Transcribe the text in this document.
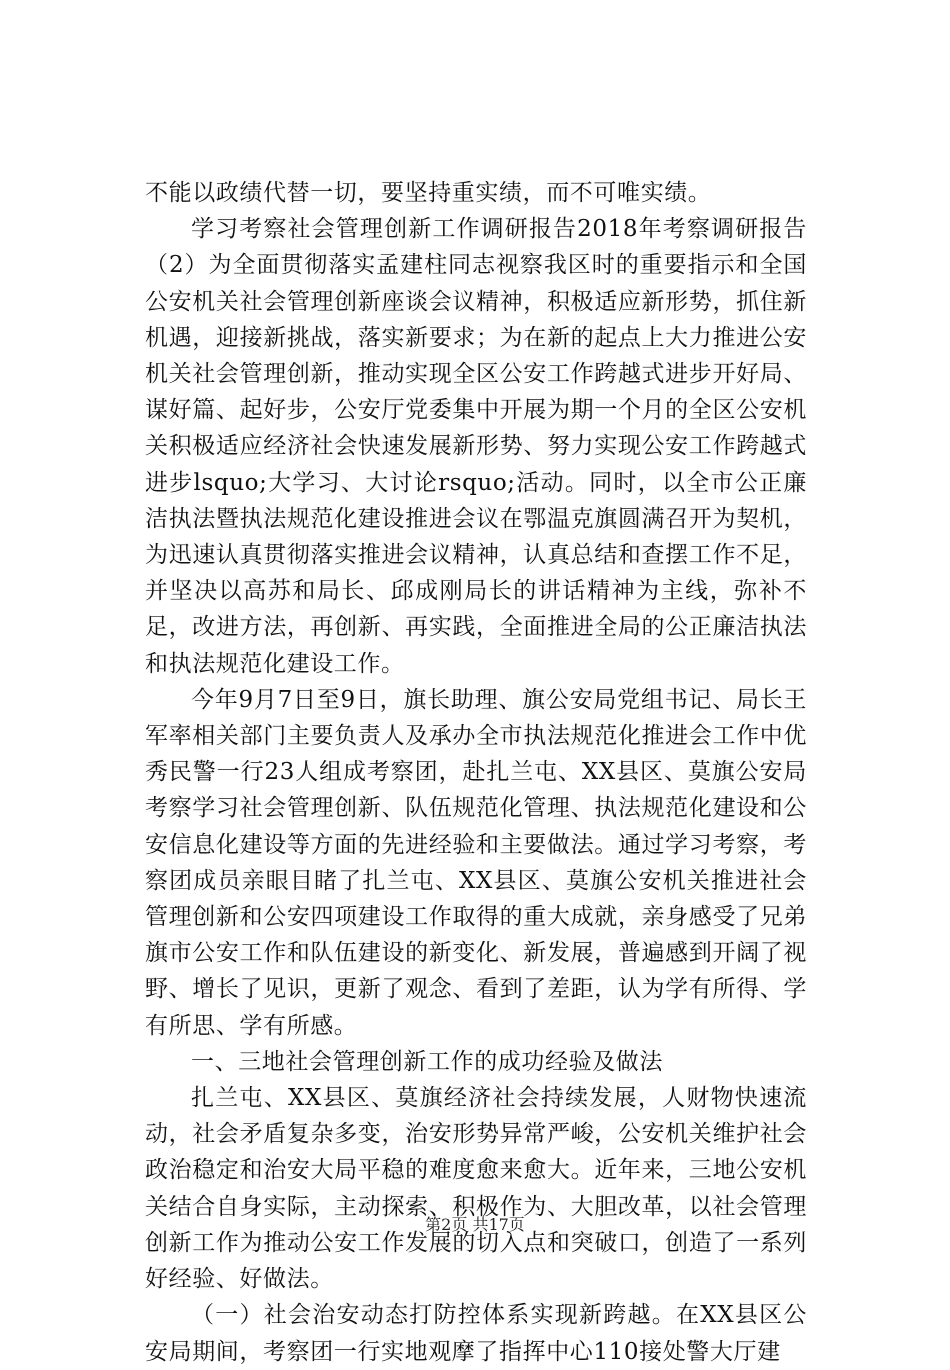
不能以政绩代替一切，要坚持重实绩，而不可唯实绩。

学习考察社会管理创新工作调研报告2018年考察调研报告（2）为全面贯彻落实孟建柱同志视察我区时的重要指示和全国公安机关社会管理创新座谈会议精神，积极适应新形势，抓住新机遇，迎接新挑战，落实新要求；为在新的起点上大力推进公安机关社会管理创新，推动实现全区公安工作跨越式进步开好局、谋好篇、起好步，公安厅党委集中开展为期一个月的全区公安机关积极适应经济社会快速发展新形势、努力实现公安工作跨越式进步lsquo;大学习、大讨论rsquo;活动。同时，以全市公正廉洁执法暨执法规范化建设推进会议在鄂温克旗圆满召开为契机，为迅速认真贯彻落实推进会议精神，认真总结和查摆工作不足，并坚决以高苏和局长、邱成刚局长的讲话精神为主线，弥补不足，改进方法，再创新、再实践，全面推进全局的公正廉洁执法和执法规范化建设工作。

今年9月7日至9日，旗长助理、旗公安局党组书记、局长王军率相关部门主要负责人及承办全市执法规范化推进会工作中优秀民警一行23人组成考察团，赴扎兰屯、XX县区、莫旗公安局考察学习社会管理创新、队伍规范化管理、执法规范化建设和公安信息化建设等方面的先进经验和主要做法。通过学习考察，考察团成员亲眼目睹了扎兰屯、XX县区、莫旗公安机关推进社会管理创新和公安四项建设工作取得的重大成就，亲身感受了兄弟旗市公安工作和队伍建设的新变化、新发展，普遍感到开阔了视野、增长了见识，更新了观念、看到了差距，认为学有所得、学有所思、学有所感。

一、三地社会管理创新工作的成功经验及做法

扎兰屯、XX县区、莫旗经济社会持续发展，人财物快速流动，社会矛盾复杂多变，治安形势异常严峻，公安机关维护社会政治稳定和治安大局平稳的难度愈来愈大。近年来，三地公安机关结合自身实际，主动探索、积极作为、大胆改革，以社会管理创新工作为推动公安工作发展的切入点和突破口，创造了一系列好经验、好做法。

（一）社会治安动态打防控体系实现新跨越。在XX县区公安局期间，考察团一行实地观摩了指挥中心110接处警大厅建

第2页 共17页
